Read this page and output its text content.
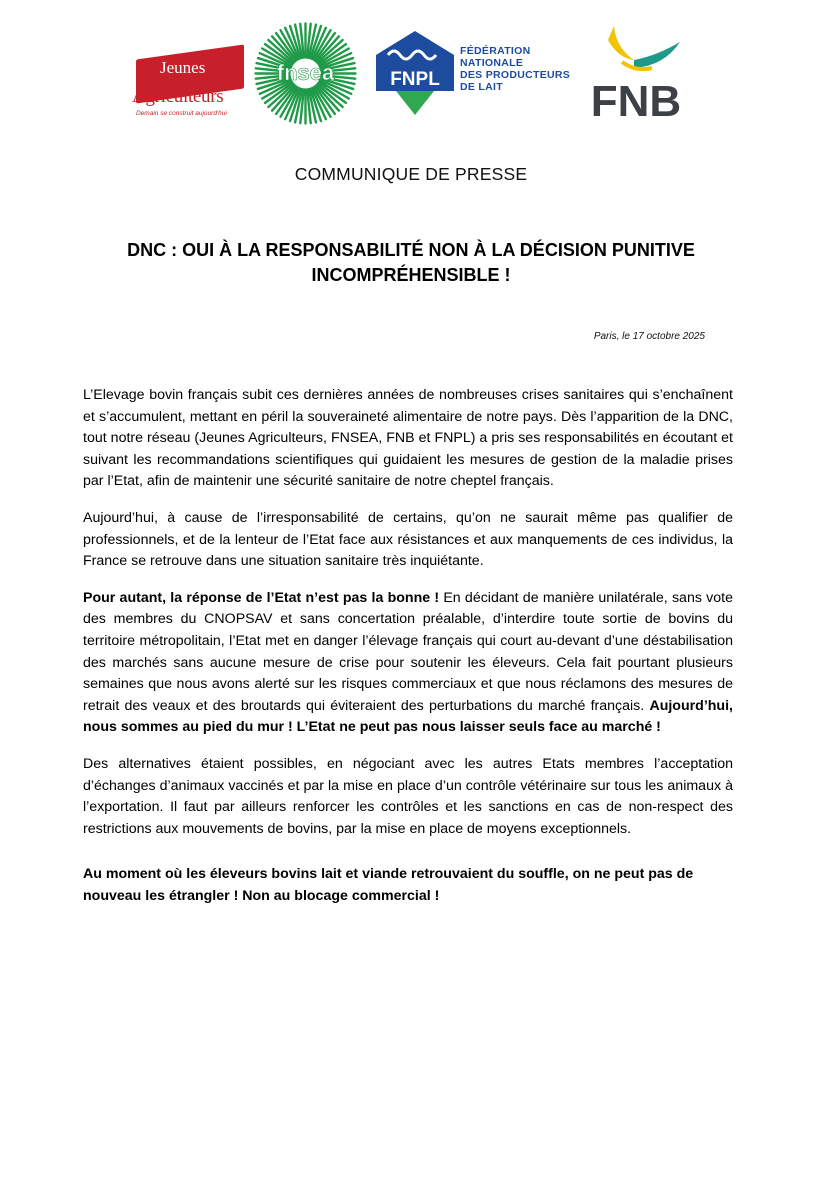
Jeunes
Agriculteurs
Demain se construit aujourd'hui
fnsea	FNPL
FÉDÉRATION
NATIONALE
DES PRODUCTEURS
DE LAIT	FNB
COMMUNIQUE DE PRESSE
DNC : OUI À LA RESPONSABILITÉ NON À LA DÉCISION PUNITIVE
INCOMPRÉHENSIBLE !
Paris, le 17 octobre 2025

L’Elevage bovin français subit ces dernières années de nombreuses crises sanitaires qui s’enchaînent et s’accumulent, mettant en péril la souveraineté alimentaire de notre pays. Dès l’apparition de la DNC, tout notre réseau (Jeunes Agriculteurs, FNSEA, FNB et FNPL) a pris ses responsabilités en écoutant et suivant les recommandations scientifiques qui guidaient les mesures de gestion de la maladie prises par l’Etat, afin de maintenir une sécurité sanitaire de notre cheptel français.

Aujourd’hui, à cause de l’irresponsabilité de certains, qu’on ne saurait même pas qualifier de professionnels, et de la lenteur de l’Etat face aux résistances et aux manquements de ces individus, la France se retrouve dans une situation sanitaire très inquiétante.

Pour autant, la réponse de l’Etat n’est pas la bonne ! En décidant de manière unilatérale, sans vote des membres du CNOPSAV et sans concertation préalable, d’interdire toute sortie de bovins du territoire métropolitain, l’Etat met en danger l’élevage français qui court au-devant d’une déstabilisation des marchés sans aucune mesure de crise pour soutenir les éleveurs. Cela fait pourtant plusieurs semaines que nous avons alerté sur les risques commerciaux et que nous réclamons des mesures de retrait des veaux et des broutards qui éviteraient des perturbations du marché français. Aujourd’hui, nous sommes au pied du mur ! L’Etat ne peut pas nous laisser seuls face au marché !

Des alternatives étaient possibles, en négociant avec les autres Etats membres l’acceptation d’échanges d’animaux vaccinés et par la mise en place d’un contrôle vétérinaire sur tous les animaux à l’exportation. Il faut par ailleurs renforcer les contrôles et les sanctions en cas de non-respect des restrictions aux mouvements de bovins, par la mise en place de moyens exceptionnels.

Au moment où les éleveurs bovins lait et viande retrouvaient du souffle, on ne peut pas de nouveau les étrangler ! Non au blocage commercial !
